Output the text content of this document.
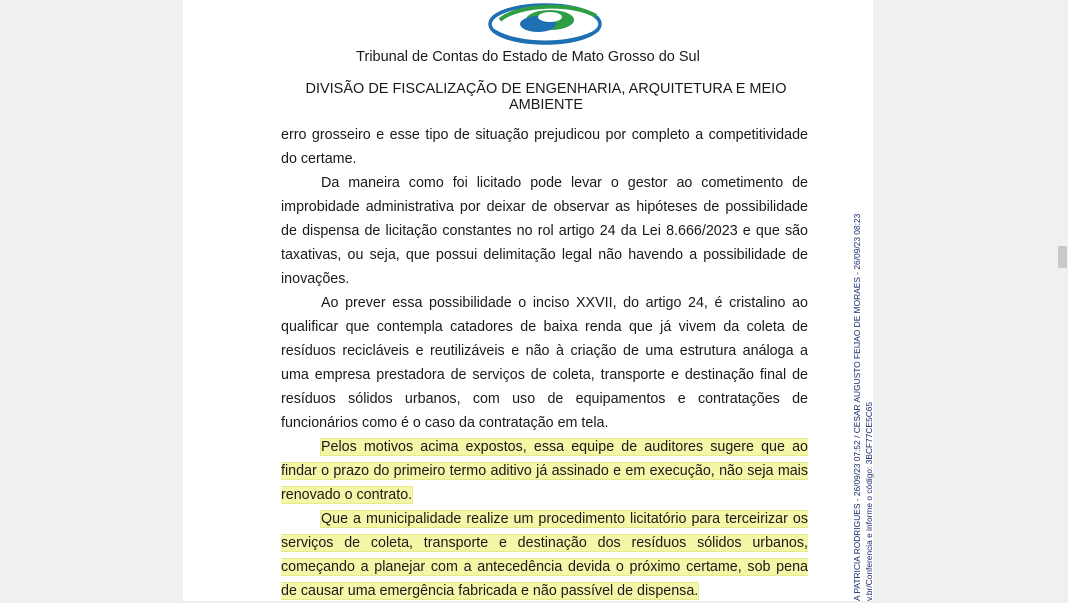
Tribunal de Contas do Estado de Mato Grosso do Sul
DIVISÃO DE FISCALIZAÇÃO DE ENGENHARIA, ARQUITETURA E MEIO AMBIENTE

erro grosseiro e esse tipo de situação prejudicou por completo a competitividade do certame.

Da maneira como foi licitado pode levar o gestor ao cometimento de improbidade administrativa por deixar de observar as hipóteses de possibilidade de dispensa de licitação constantes no rol artigo 24 da Lei 8.666/2023 e que são taxativas, ou seja, que possui delimitação legal não havendo a possibilidade de inovações.

Ao prever essa possibilidade o inciso XXVII, do artigo 24, é cristalino ao qualificar que contempla catadores de baixa renda que já vivem da coleta de resíduos recicláveis e reutilizáveis e não à criação de uma estrutura análoga a uma empresa prestadora de serviços de coleta, transporte e destinação final de resíduos sólidos urbanos, com uso de equipamentos e contratações de funcionários como é o caso da contratação em tela.

Pelos motivos acima expostos, essa equipe de auditores sugere que ao findar o prazo do primeiro termo aditivo já assinado e em execução, não seja mais renovado o contrato.

Que a municipalidade realize um procedimento licitatório para terceirizar os serviços de coleta, transporte e destinação dos resíduos sólidos urbanos, começando a planejar com a antecedência devida o próximo certame, sob pena de causar uma emergência fabricada e não passível de dispensa.	A PATRICIA RODRIGUES - 26/09/23 07:52 / CESAR AUGUSTO FEIJAO DE MORAES - 26/09/23 08:23 v.br/Conferencia e informe o código: 3BCF77CE5C65
